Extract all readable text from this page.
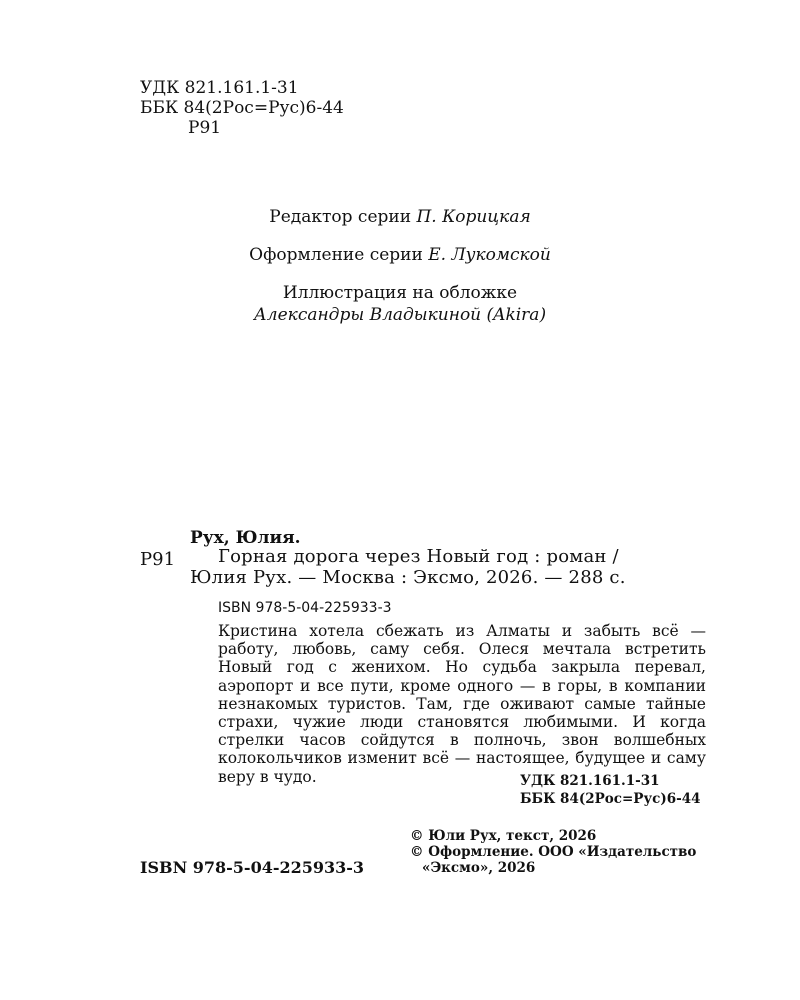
УДК 821.161.1-31
ББК 84(2Рос=Рус)6-44
Р91
Редактор серии П. Корицкая
Оформление серии Е. Лукомской
Иллюстрация на обложке
Александры Владыкиной (Akira)
Рух, Юлия.
Р91	Горная дорога через Новый год : роман /
Юлия Рух. — Москва : Эксмо, 2026. — 288 с.
ISBN 978-5-04-225933-3

Кристина хотела сбежать из Алматы и забыть всё — работу, любовь, саму себя. Олеся мечтала встретить Новый год с женихом. Но судьба закрыла перевал, аэропорт и все пути, кроме одного — в горы, в компании незнакомых туристов. Там, где оживают самые тайные страхи, чужие люди становятся любимыми. И когда стрелки часов сойдутся в полночь, звон волшебных колокольчиков изменит всё — настоящее, будущее и саму веру в чудо.	УДК 821.161.1-31
ББК 84(2Рос=Рус)6-44
© Юли Рух, текст, 2026
© Оформление. ООО «Издательство
«Эксмо», 2026
ISBN 978-5-04-225933-3
